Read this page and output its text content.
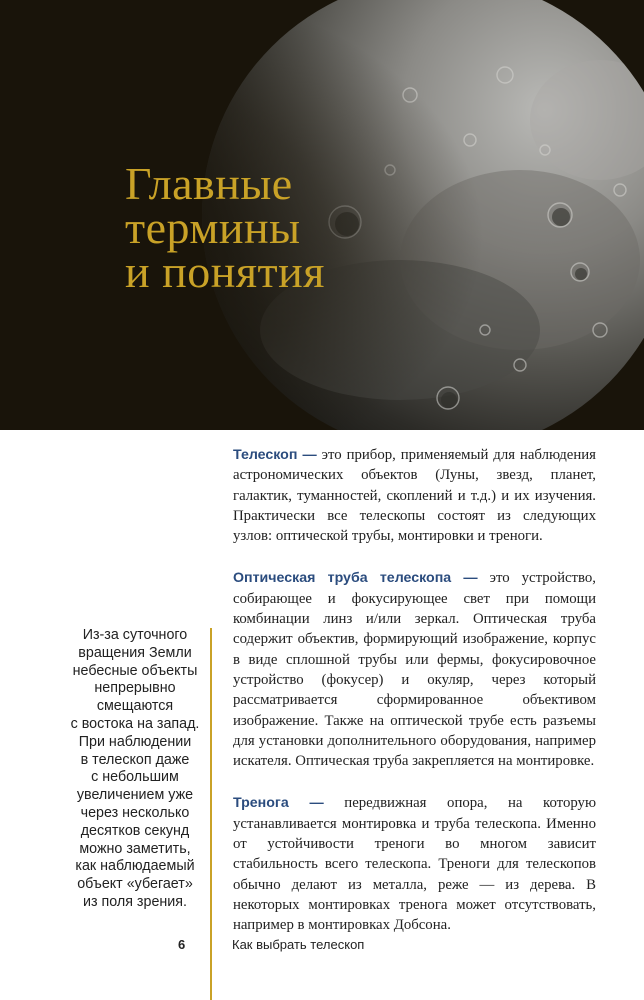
Главные
термины
и понятия

Телескоп — это прибор, применяемый для наблюдения астрономических объектов (Луны, звезд, планет, галактик, туманностей, скоплений и т.д.) и их изучения. Практически все телескопы состоят из следующих узлов: оптической трубы, монтировки и треноги.

Оптическая труба телескопа — это устройство, собирающее и фокусирующее свет при помощи комбинации линз и/или зеркал. Оптическая труба содержит объектив, формирующий изображение, корпус в виде сплошной трубы или фермы, фокусировочное устройство (фокусер) и окуляр, через который рассматривается сформированное объективом изображение. Также на оптической трубе есть разъемы для установки дополнительного оборудования, например искателя. Оптическая труба закрепляется на монтировке.

Тренога — передвижная опора, на которую устанавливается монтировка и труба телескопа. Именно от устойчивости треноги во многом зависит стабильность всего телескопа. Треноги для телескопов обычно делают из металла, реже — из дерева. В некоторых монтировках тренога может отсутствовать, например в монтировках Добсона.

Из-за суточного
вращения Земли
небесные объекты
непрерывно
смещаются
с востока на запад.
При наблюдении
в телескоп даже
с небольшим
увеличением уже
через несколько
десятков секунд
можно заметить,
как наблюдаемый
объект «убегает»
из поля зрения.
6	Как выбрать телескоп
